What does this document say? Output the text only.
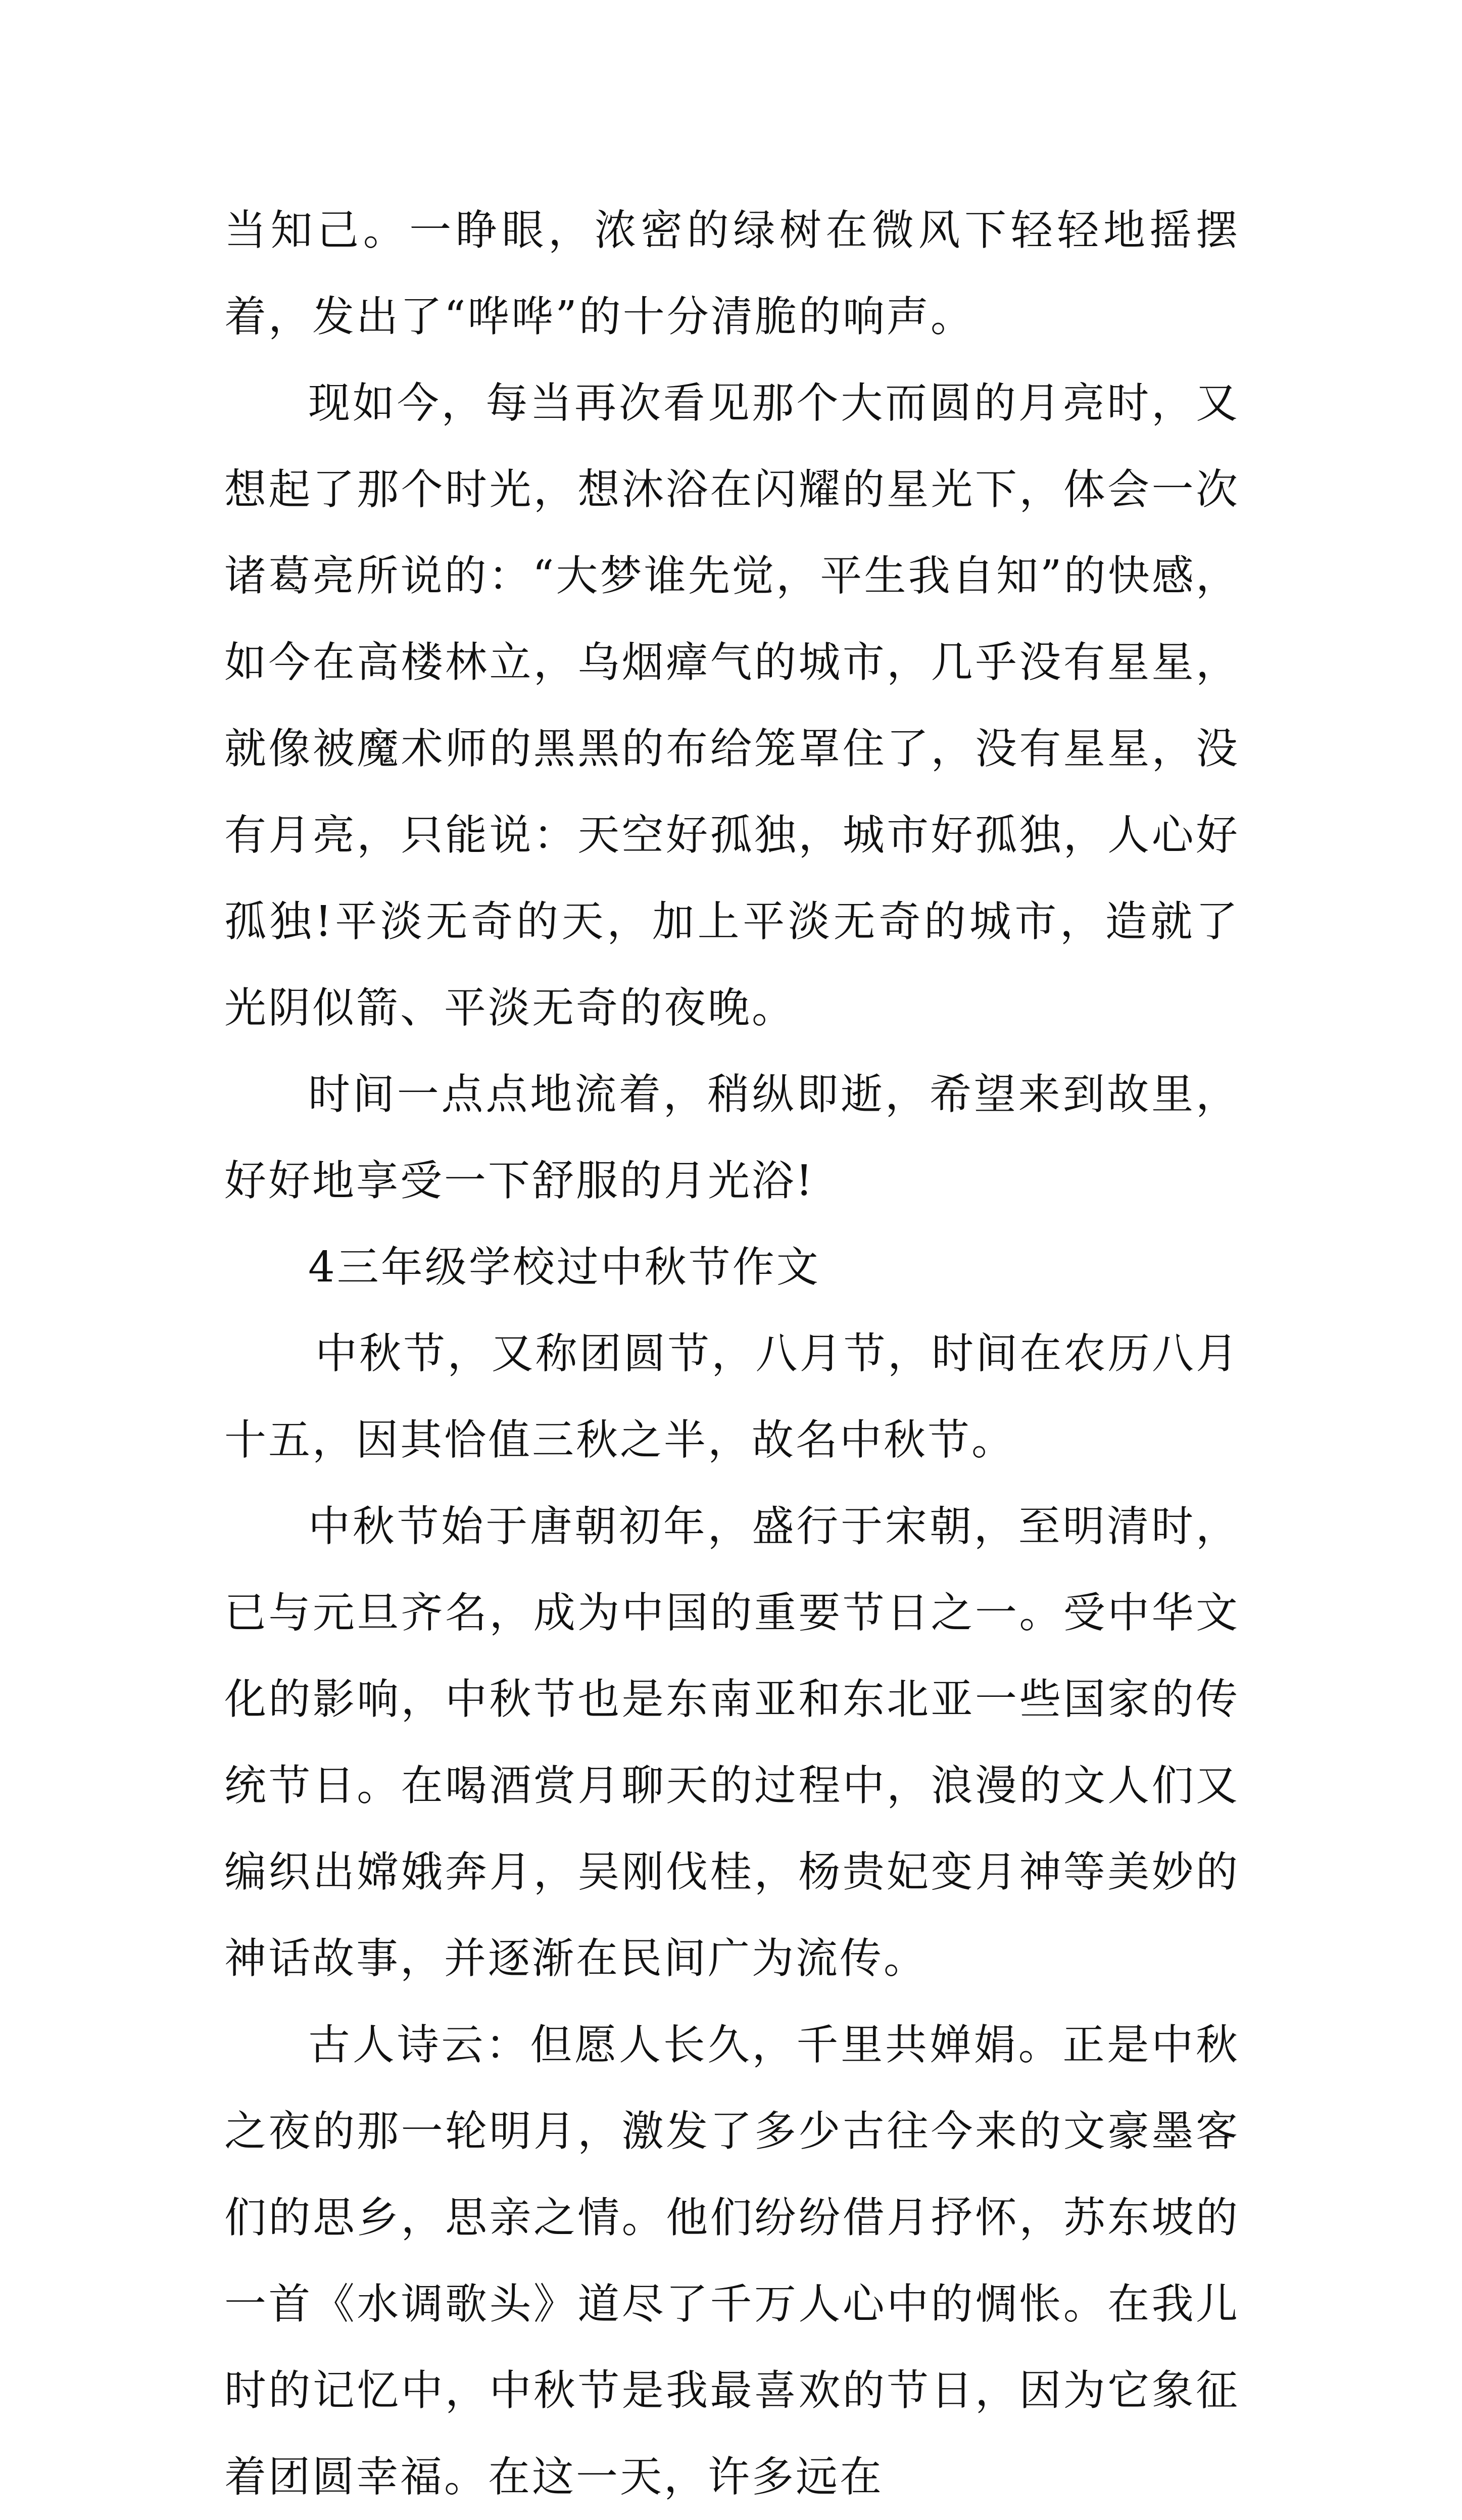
当知己。一睁眼，浓密的绿树在微风下轻轻地摇摆着，发出了“哗哗”的十分清脆的响声。

现如今，每当再次看见那个大而圆的月亮时，又想起了那个时光，想沐浴在闪耀的星光下，体会一次诸葛亮所说的：“大梦谁先觉，平生我自知”的快感，如今在高楼林立，乌烟瘴气的城市，几乎没有星星，就像被魔术师的黑黑的布给笼罩住了，没有星星，没有月亮，只能说：天空好孤独，城市好孤独，人心好孤独!平淡无奇的天，加上平淡无奇的城市，造就了光阴似箭、平淡无奇的夜晚。

时间一点点地流着，稍纵即逝，希望来到故里，好好地享受一下舒服的月光浴!

4三年级学校过中秋节作文

中秋节，又称团圆节，八月节，时间在农历八月十五，因其恰值三秋之半，故名中秋节。

中秋节始于唐朝初年，盛行于宋朝，至明清时，已与元旦齐名，成为中国的重要节日之一。受中华文化的影响，中秋节也是东南亚和东北亚一些国家的传统节日。在喝酒赏月聊天的过程中，浪漫的文人们又编织出嫦娥奔月，吴刚伐桂，杨贵妃变月神等美妙的神话故事，并逐渐在民间广为流传。

古人诗云：但愿人长久，千里共婵娟。正是中秋之夜的那一轮明月，激发了多少古往今来的文豪墨客们的思乡，思亲之情。他们纷纷借月抒怀，苏东坡的一首《水调歌头》道尽了千万人心中的惆怅。在我儿时的记忆中，中秋节是我最喜欢的节日，因为它象征着团圆幸福。在这一天，许多远在
